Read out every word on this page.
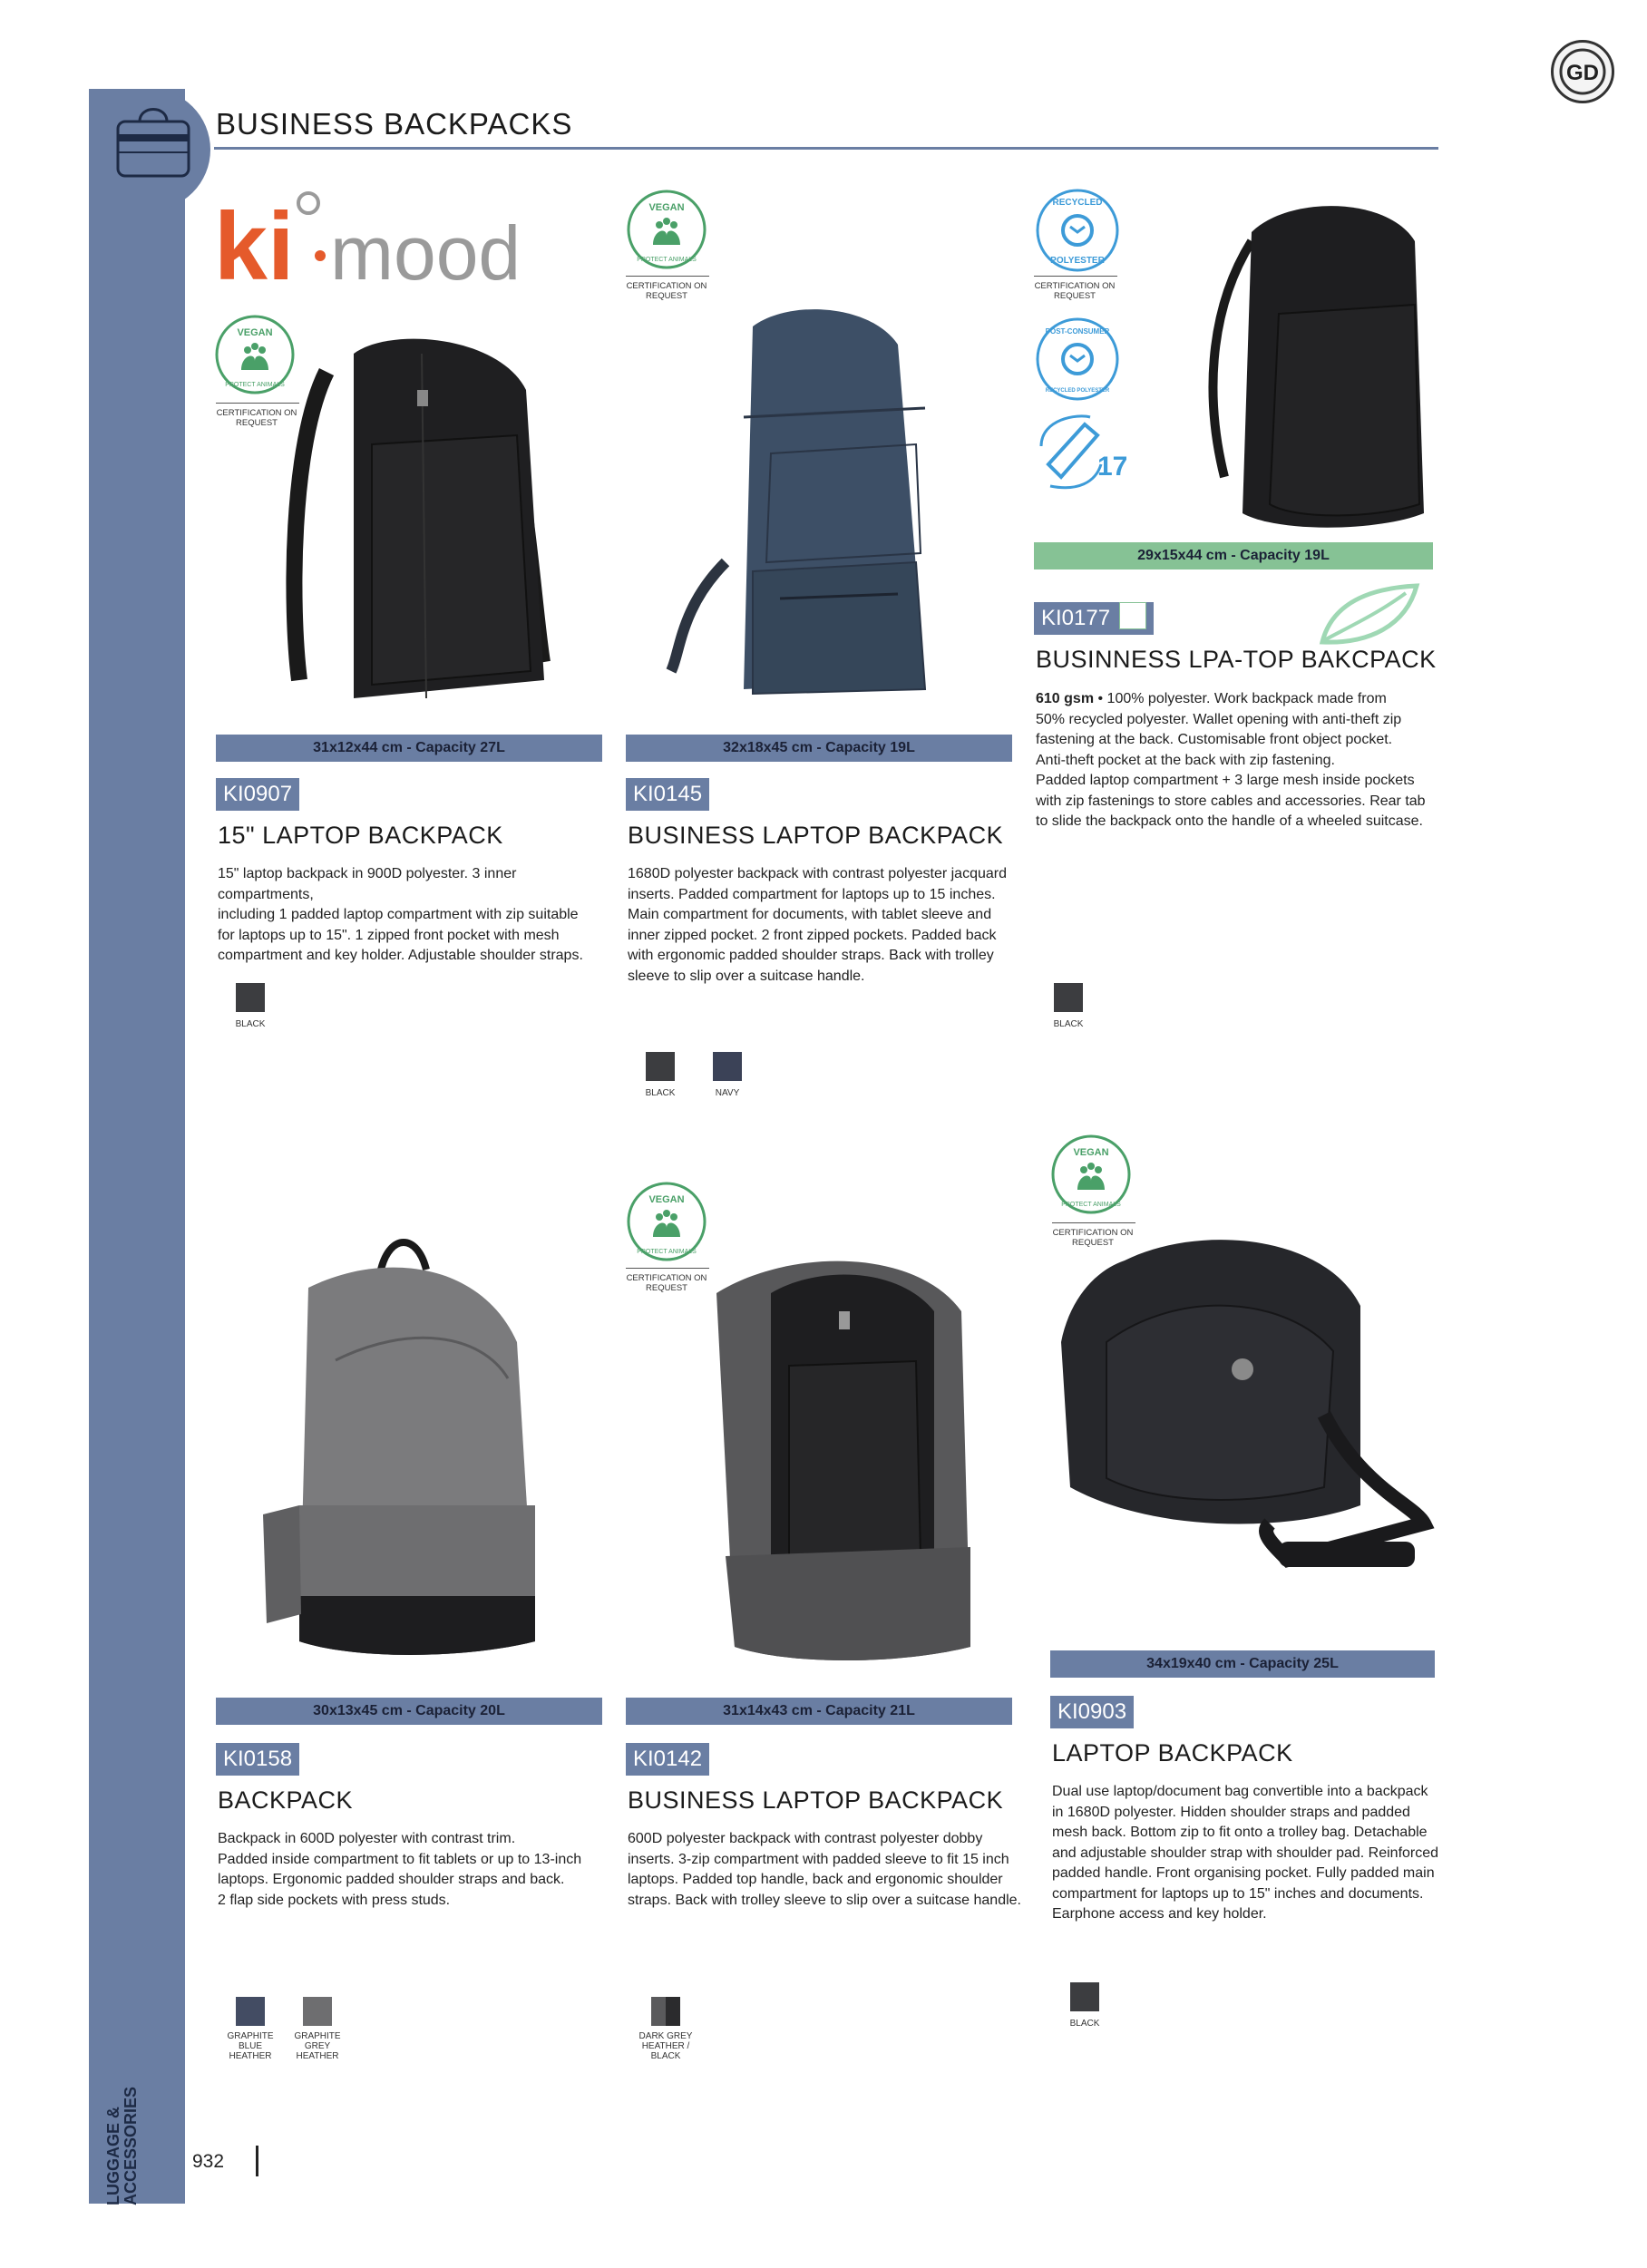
LUGGAGE & ACCESSORIES
BUSINESS BACKPACKS
GD
932
ki mood
VEGAN
PROTECT ANIMALS
CERTIFICATION ON
REQUEST
31x12x44 cm - Capacity 27L
KI0907
15" LAPTOP BACKPACK
15" laptop backpack in 900D polyester. 3 inner compartments,
including 1 padded laptop compartment with zip suitable
for laptops up to 15". 1 zipped front pocket with mesh
compartment and key holder. Adjustable shoulder straps.
BLACK
VEGAN
PROTECT ANIMALS
CERTIFICATION ON
REQUEST
32x18x45 cm - Capacity 19L
KI0145
BUSINESS LAPTOP BACKPACK
1680D polyester backpack with contrast polyester jacquard
inserts. Padded compartment for laptops up to 15 inches.
Main compartment for documents, with tablet sleeve and
inner zipped pocket. 2 front zipped pockets. Padded back
with ergonomic padded shoulder straps. Back with trolley
sleeve to slip over a suitcase handle.
BLACK	NAVY
RECYCLED
POLYESTER
CERTIFICATION ON
REQUEST
POST-CONSUMER
RECYCLED POLYESTER
17
29x15x44 cm - Capacity 19L
KI0177
BUSINNESS LPA-TOP BAKCPACK
610 gsm • 100% polyester. Work backpack made from
50% recycled polyester. Wallet opening with anti-theft zip
fastening at the back. Customisable front object pocket.
Anti-theft pocket at the back with zip fastening.
Padded laptop compartment + 3 large mesh inside pockets
with zip fastenings to store cables and accessories. Rear tab
to slide the backpack onto the handle of a wheeled suitcase.
BLACK
30x13x45 cm - Capacity 20L
KI0158
BACKPACK
Backpack in 600D polyester with contrast trim.
Padded inside compartment to fit tablets or up to 13-inch
laptops. Ergonomic padded shoulder straps and back.
2 flap side pockets with press studs.
GRAPHITE BLUE
HEATHER
GRAPHITE GREY
HEATHER
VEGAN
PROTECT ANIMALS
CERTIFICATION ON
REQUEST
31x14x43 cm - Capacity 21L
KI0142
BUSINESS LAPTOP BACKPACK
600D polyester backpack with contrast polyester dobby
inserts. 3-zip compartment with padded sleeve to fit 15 inch
laptops. Padded top handle, back and ergonomic shoulder
straps. Back with trolley sleeve to slip over a suitcase handle.
DARK GREY
HEATHER / BLACK
VEGAN
PROTECT ANIMALS
CERTIFICATION ON
REQUEST
34x19x40 cm - Capacity 25L
KI0903
LAPTOP BACKPACK
Dual use laptop/document bag convertible into a backpack
in 1680D polyester. Hidden shoulder straps and padded
mesh back. Bottom zip to fit onto a trolley bag. Detachable
and adjustable shoulder strap with shoulder pad. Reinforced
padded handle. Front organising pocket. Fully padded main
compartment for laptops up to 15" inches and documents.
Earphone access and key holder.
BLACK
